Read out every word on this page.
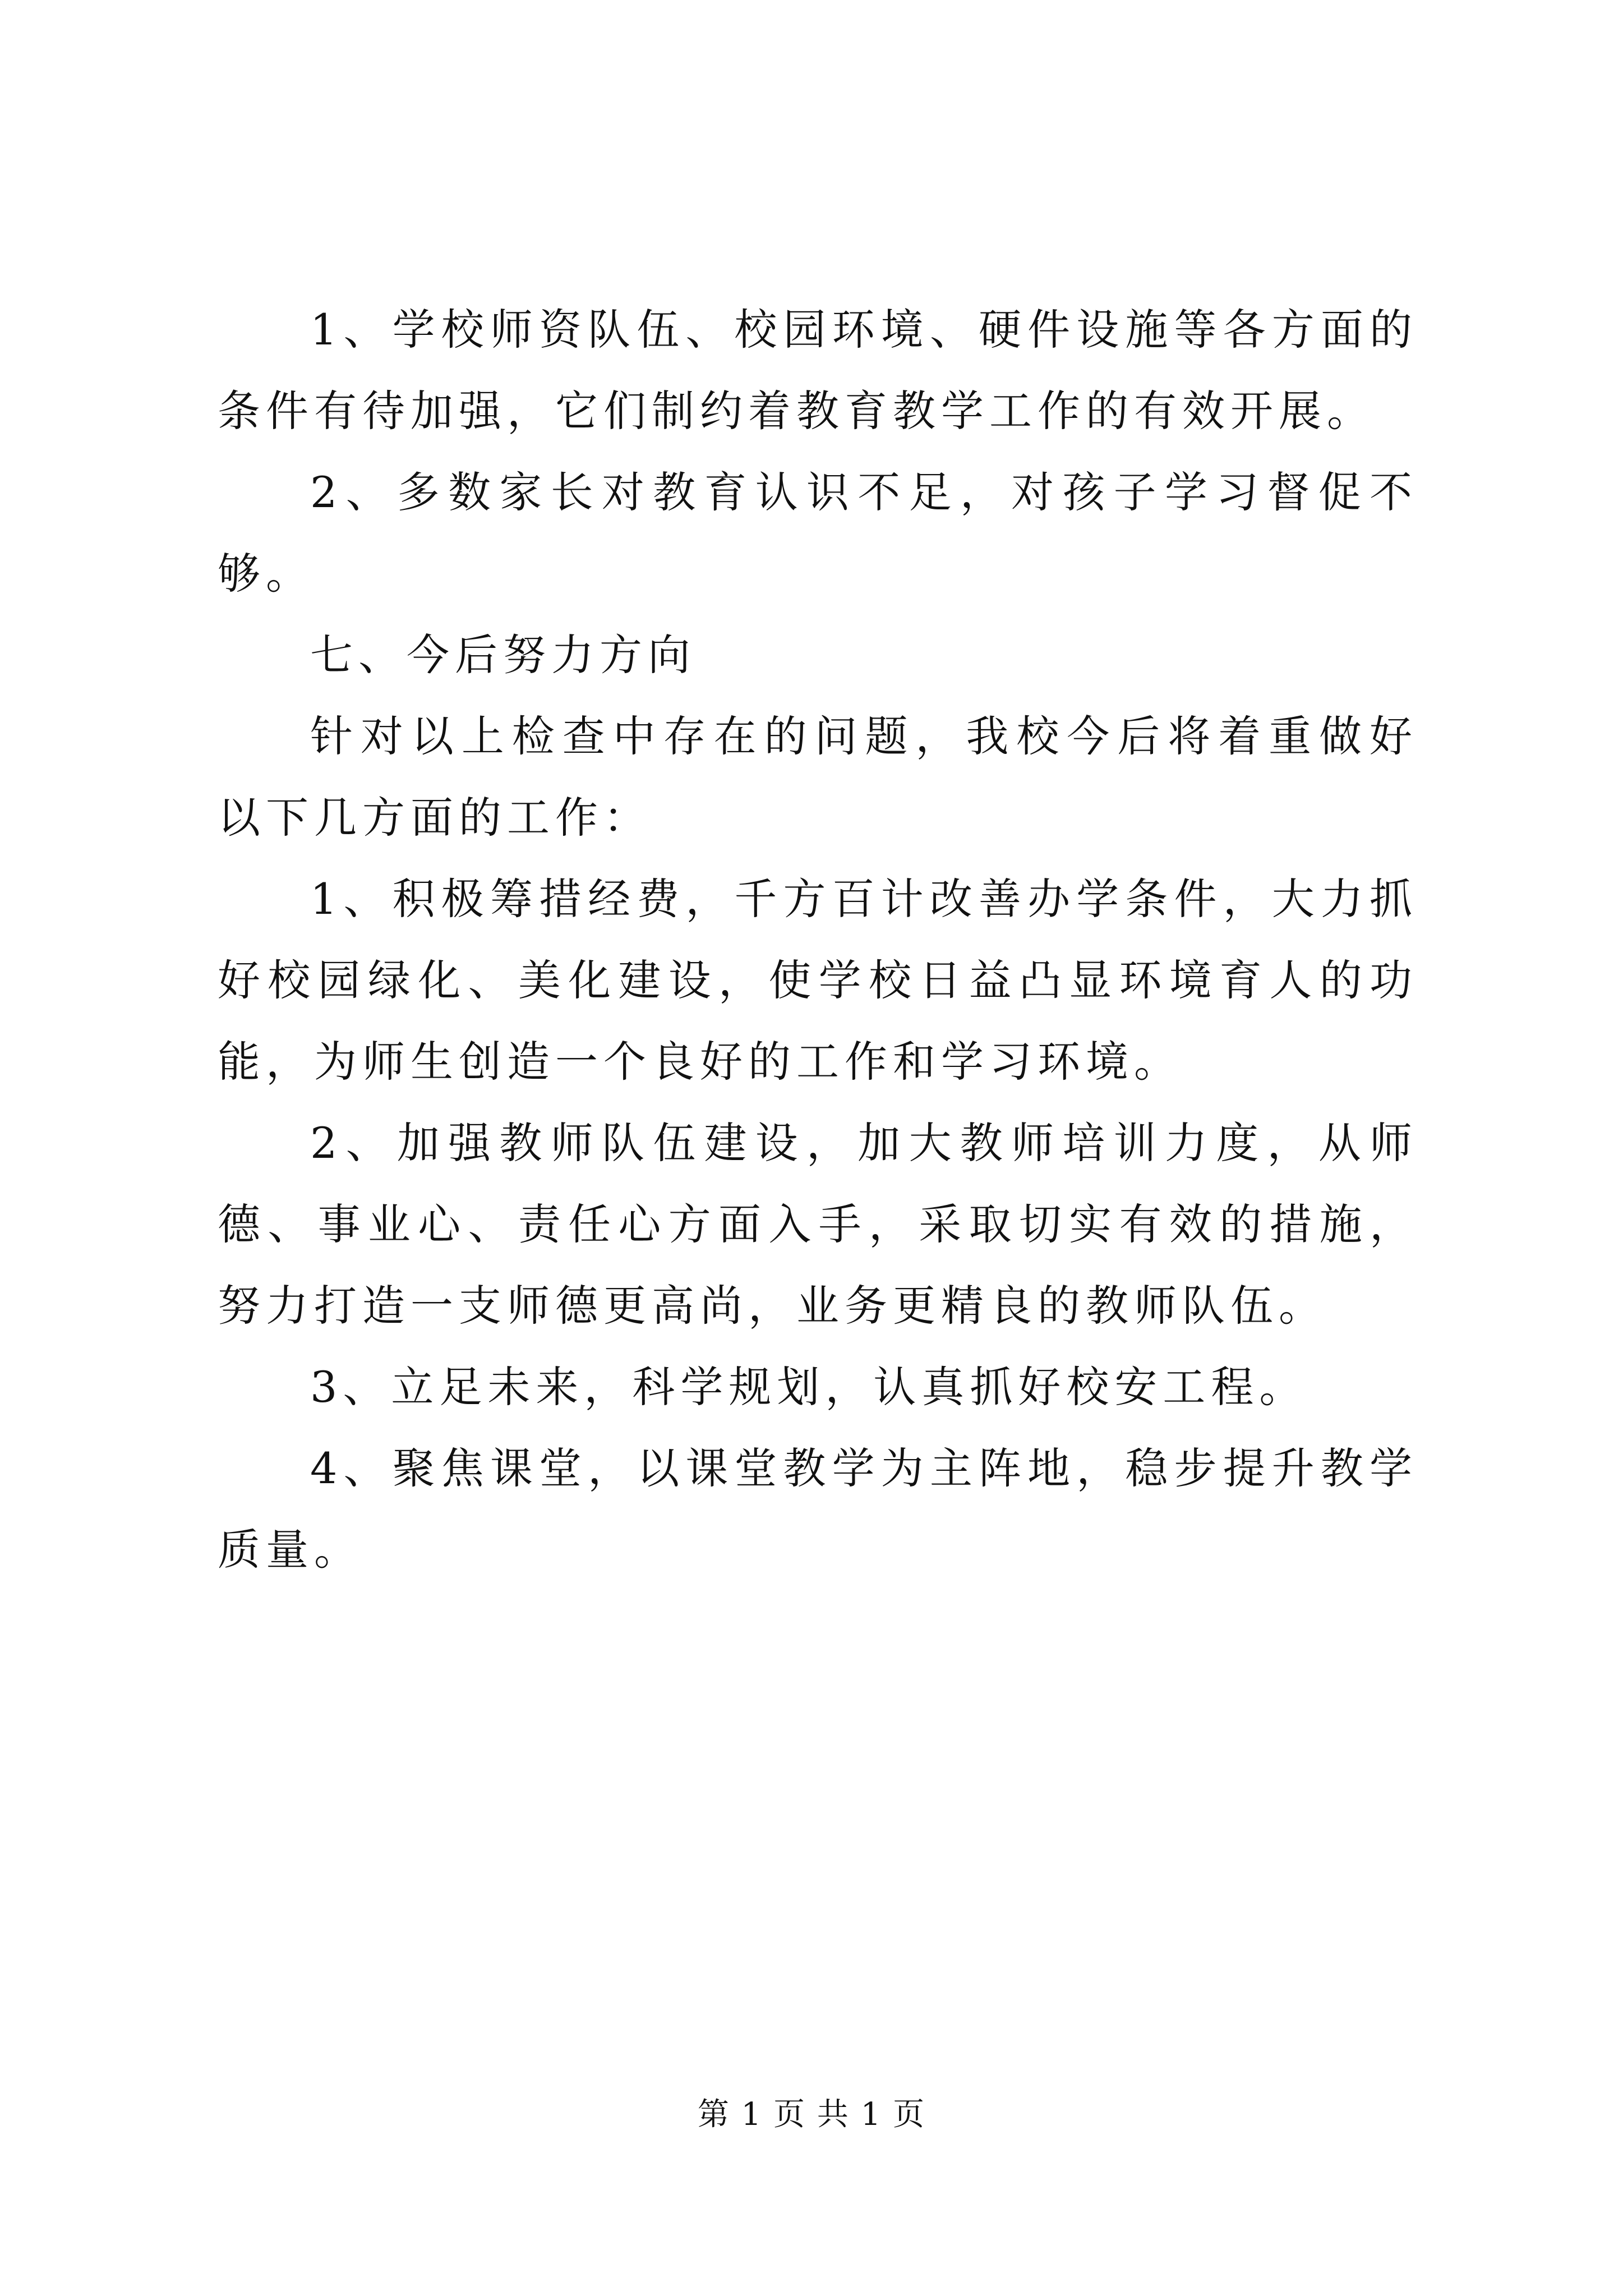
1、学校师资队伍、校园环境、硬件设施等各方面的条件有待加强，它们制约着教育教学工作的有效开展。

2、多数家长对教育认识不足，对孩子学习督促不够。

七、今后努力方向

针对以上检查中存在的问题，我校今后将着重做好以下几方面的工作：

1、积极筹措经费，千方百计改善办学条件，大力抓好校园绿化、美化建设，使学校日益凸显环境育人的功能，为师生创造一个良好的工作和学习环境。

2、加强教师队伍建设，加大教师培训力度，从师德、事业心、责任心方面入手，采取切实有效的措施，努力打造一支师德更高尚，业务更精良的教师队伍。

3、立足未来，科学规划，认真抓好校安工程。

4、聚焦课堂，以课堂教学为主阵地，稳步提升教学质量。

第 1 页 共 1 页
